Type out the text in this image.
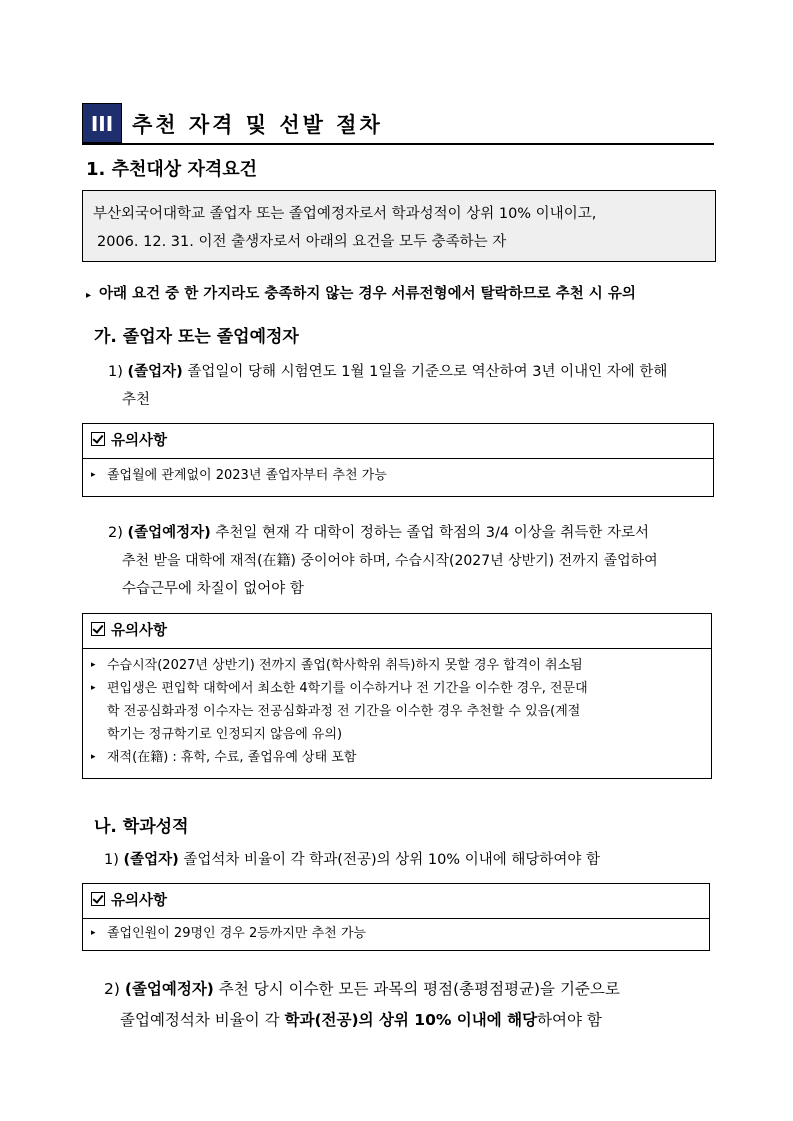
III 추천 자격 및 선발 절차
1. 추천대상 자격요건
부산외국어대학교 졸업자 또는 졸업예정자로서 학과성적이 상위 10% 이내이고,
2006. 12. 31. 이전 출생자로서 아래의 요건을 모두 충족하는 자
▸ 아래 요건 중 한 가지라도 충족하지 않는 경우 서류전형에서 탈락하므로 추천 시 유의
가. 졸업자 또는 졸업예정자
1) (졸업자) 졸업일이 당해 시험연도 1월 1일을 기준으로 역산하여 3년 이내인 자에 한해
추천
유의사항
▸ 졸업월에 관계없이 2023년 졸업자부터 추천 가능
2) (졸업예정자) 추천일 현재 각 대학이 정하는 졸업 학점의 3/4 이상을 취득한 자로서
추천 받을 대학에 재적(在籍) 중이어야 하며, 수습시작(2027년 상반기) 전까지 졸업하여
수습근무에 차질이 없어야 함
유의사항
▸ 수습시작(2027년 상반기) 전까지 졸업(학사학위 취득)하지 못할 경우 합격이 취소됨
▸ 편입생은 편입학 대학에서 최소한 4학기를 이수하거나 전 기간을 이수한 경우, 전문대
학 전공심화과정 이수자는 전공심화과정 전 기간을 이수한 경우 추천할 수 있음(계절
학기는 정규학기로 인정되지 않음에 유의)
▸ 재적(在籍) : 휴학, 수료, 졸업유예 상태 포함
나. 학과성적
1) (졸업자) 졸업석차 비율이 각 학과(전공)의 상위 10% 이내에 해당하여야 함
유의사항
▸ 졸업인원이 29명인 경우 2등까지만 추천 가능
2) (졸업예정자) 추천 당시 이수한 모든 과목의 평점(총평점평균)을 기준으로
졸업예정석차 비율이 각 학과(전공)의 상위 10% 이내에 해당하여야 함
